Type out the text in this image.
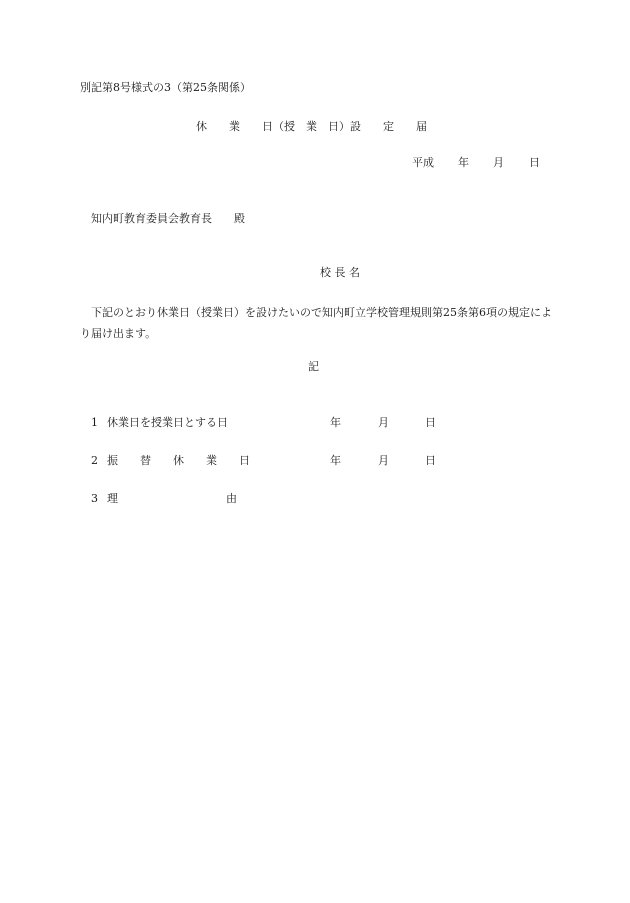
別記第8号様式の3（第25条関係）
休　　業　　日（授　業　日）設　　定　　届
平成 年 月 日
知内町教育委員会教育長　　殿
校 長 名
下記のとおり休業日（授業日）を設けたいので知内町立学校管理規則第25条第6項の規定により届け出ます。
記
1 休業日を授業日とする日	年	月	日
2 振　　替　　休　　業　　日	年	月	日
3 理	由
